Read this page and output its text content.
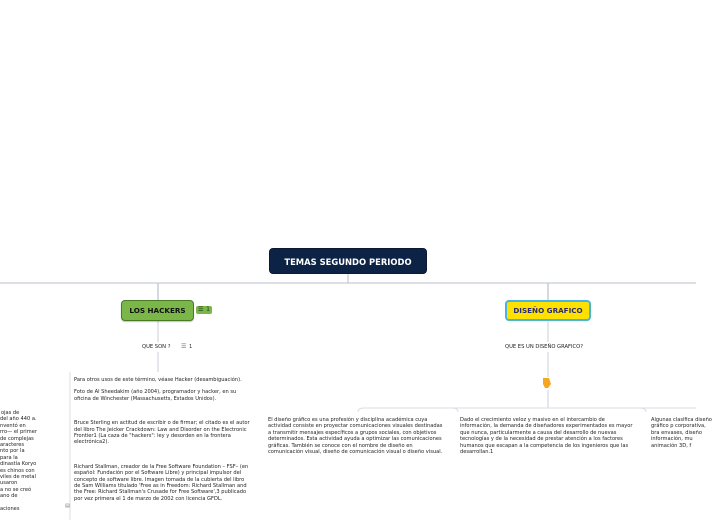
TEMAS SEGUNDO PERIODO
LOS HACKERS	☰ 1	DISEÑO GRAFICO
QUE SON ? ☰ 1	QUE ES UN DISEÑO GRAFICO?

Para otros usos de este término, véase Hacker (desambiguación).

Foto de Al Sheedakim (año 2004), programador y hacker, en su oficina de Winchester (Massachusetts, Estados Unidos).

Bruce Sterling en actitud de escribir o de firmar; el citado es el autor del libro The Jeicker Crackdown: Law and Disorder on the Electronic Frontier1 (La caza de "hackers": ley y desorden en la frontera electrónica2).

Richard Stallman, creador de la Free Software Foundation – FSF– (en español: Fundación por el Software Libre) y principal impulsor del concepto de software libre. Imagen tomada de la cubierta del libro de Sam Williams titulado 'Free as in Freedom: Richard Stallman and the Free: Richard Stallman's Crusade for Free Software',3 publicado por vez primera el 1 de marzo de 2002 con licencia GFDL.

▤
ojas de
del año 440 a.
nventó en
rro— el primer
de complejas
aracteres
nto por la
para la
dinastía Koryo
es chinos con
viles de metal
usaron
a no se creó
ano de
aciones

El diseño gráfico es una profesión y disciplina académica cuya actividad consiste en proyectar comunicaciones visuales destinadas a transmitir mensajes específicos a grupos sociales, con objetivos determinados. Esta actividad ayuda a optimizar las comunicaciones gráficas. También se conoce con el nombre de diseño en comunicación visual, diseño de comunicación visual o diseño visual.

Dado el crecimiento veloz y masivo en el intercambio de información, la demanda de diseñadores experimentados es mayor que nunca, particularmente a causa del desarrollo de nuevas tecnologías y de la necesidad de prestar atención a los factores humanos que escapan a la competencia de los ingenieros que las desarrollan.1

Algunas clasifica diseño gráfico p corporativa, bra envases, diseño información, mu animación 3D, f
